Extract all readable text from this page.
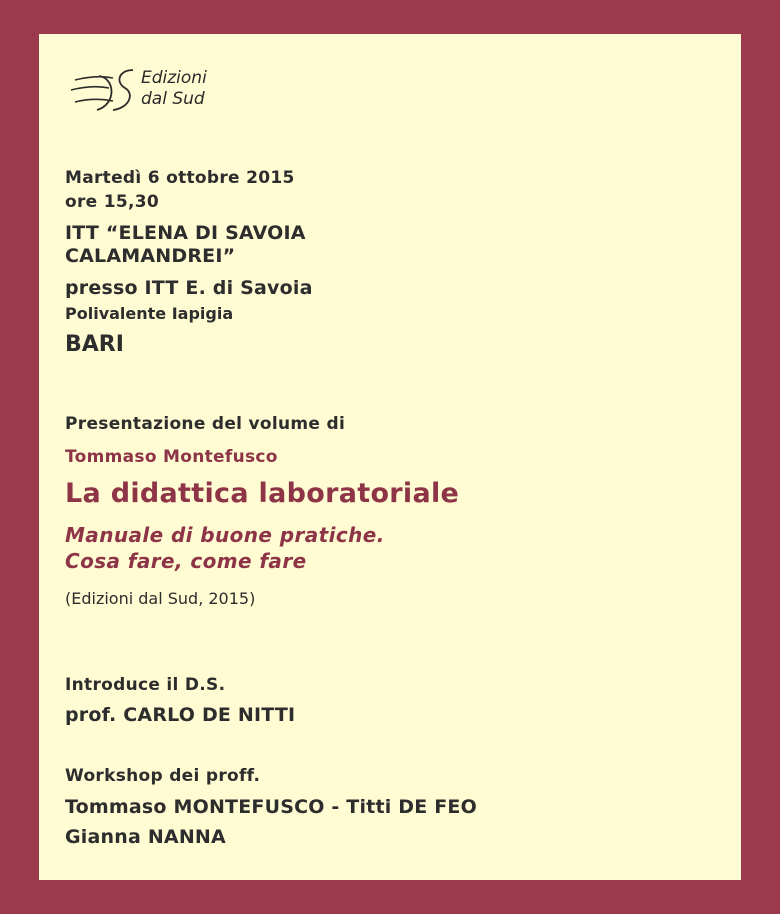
Edizioni
dal Sud
Martedì 6 ottobre 2015
ore 15,30
ITT “ELENA DI SAVOIA
CALAMANDREI”
presso ITT E. di Savoia
Polivalente Iapigia
BARI
Presentazione del volume di
Tommaso Montefusco
La didattica laboratoriale
Manuale di buone pratiche.
Cosa fare, come fare
(Edizioni dal Sud, 2015)
Introduce il D.S.
prof. CARLO DE NITTI
Workshop dei proff.
Tommaso MONTEFUSCO - Titti DE FEO
Gianna NANNA
